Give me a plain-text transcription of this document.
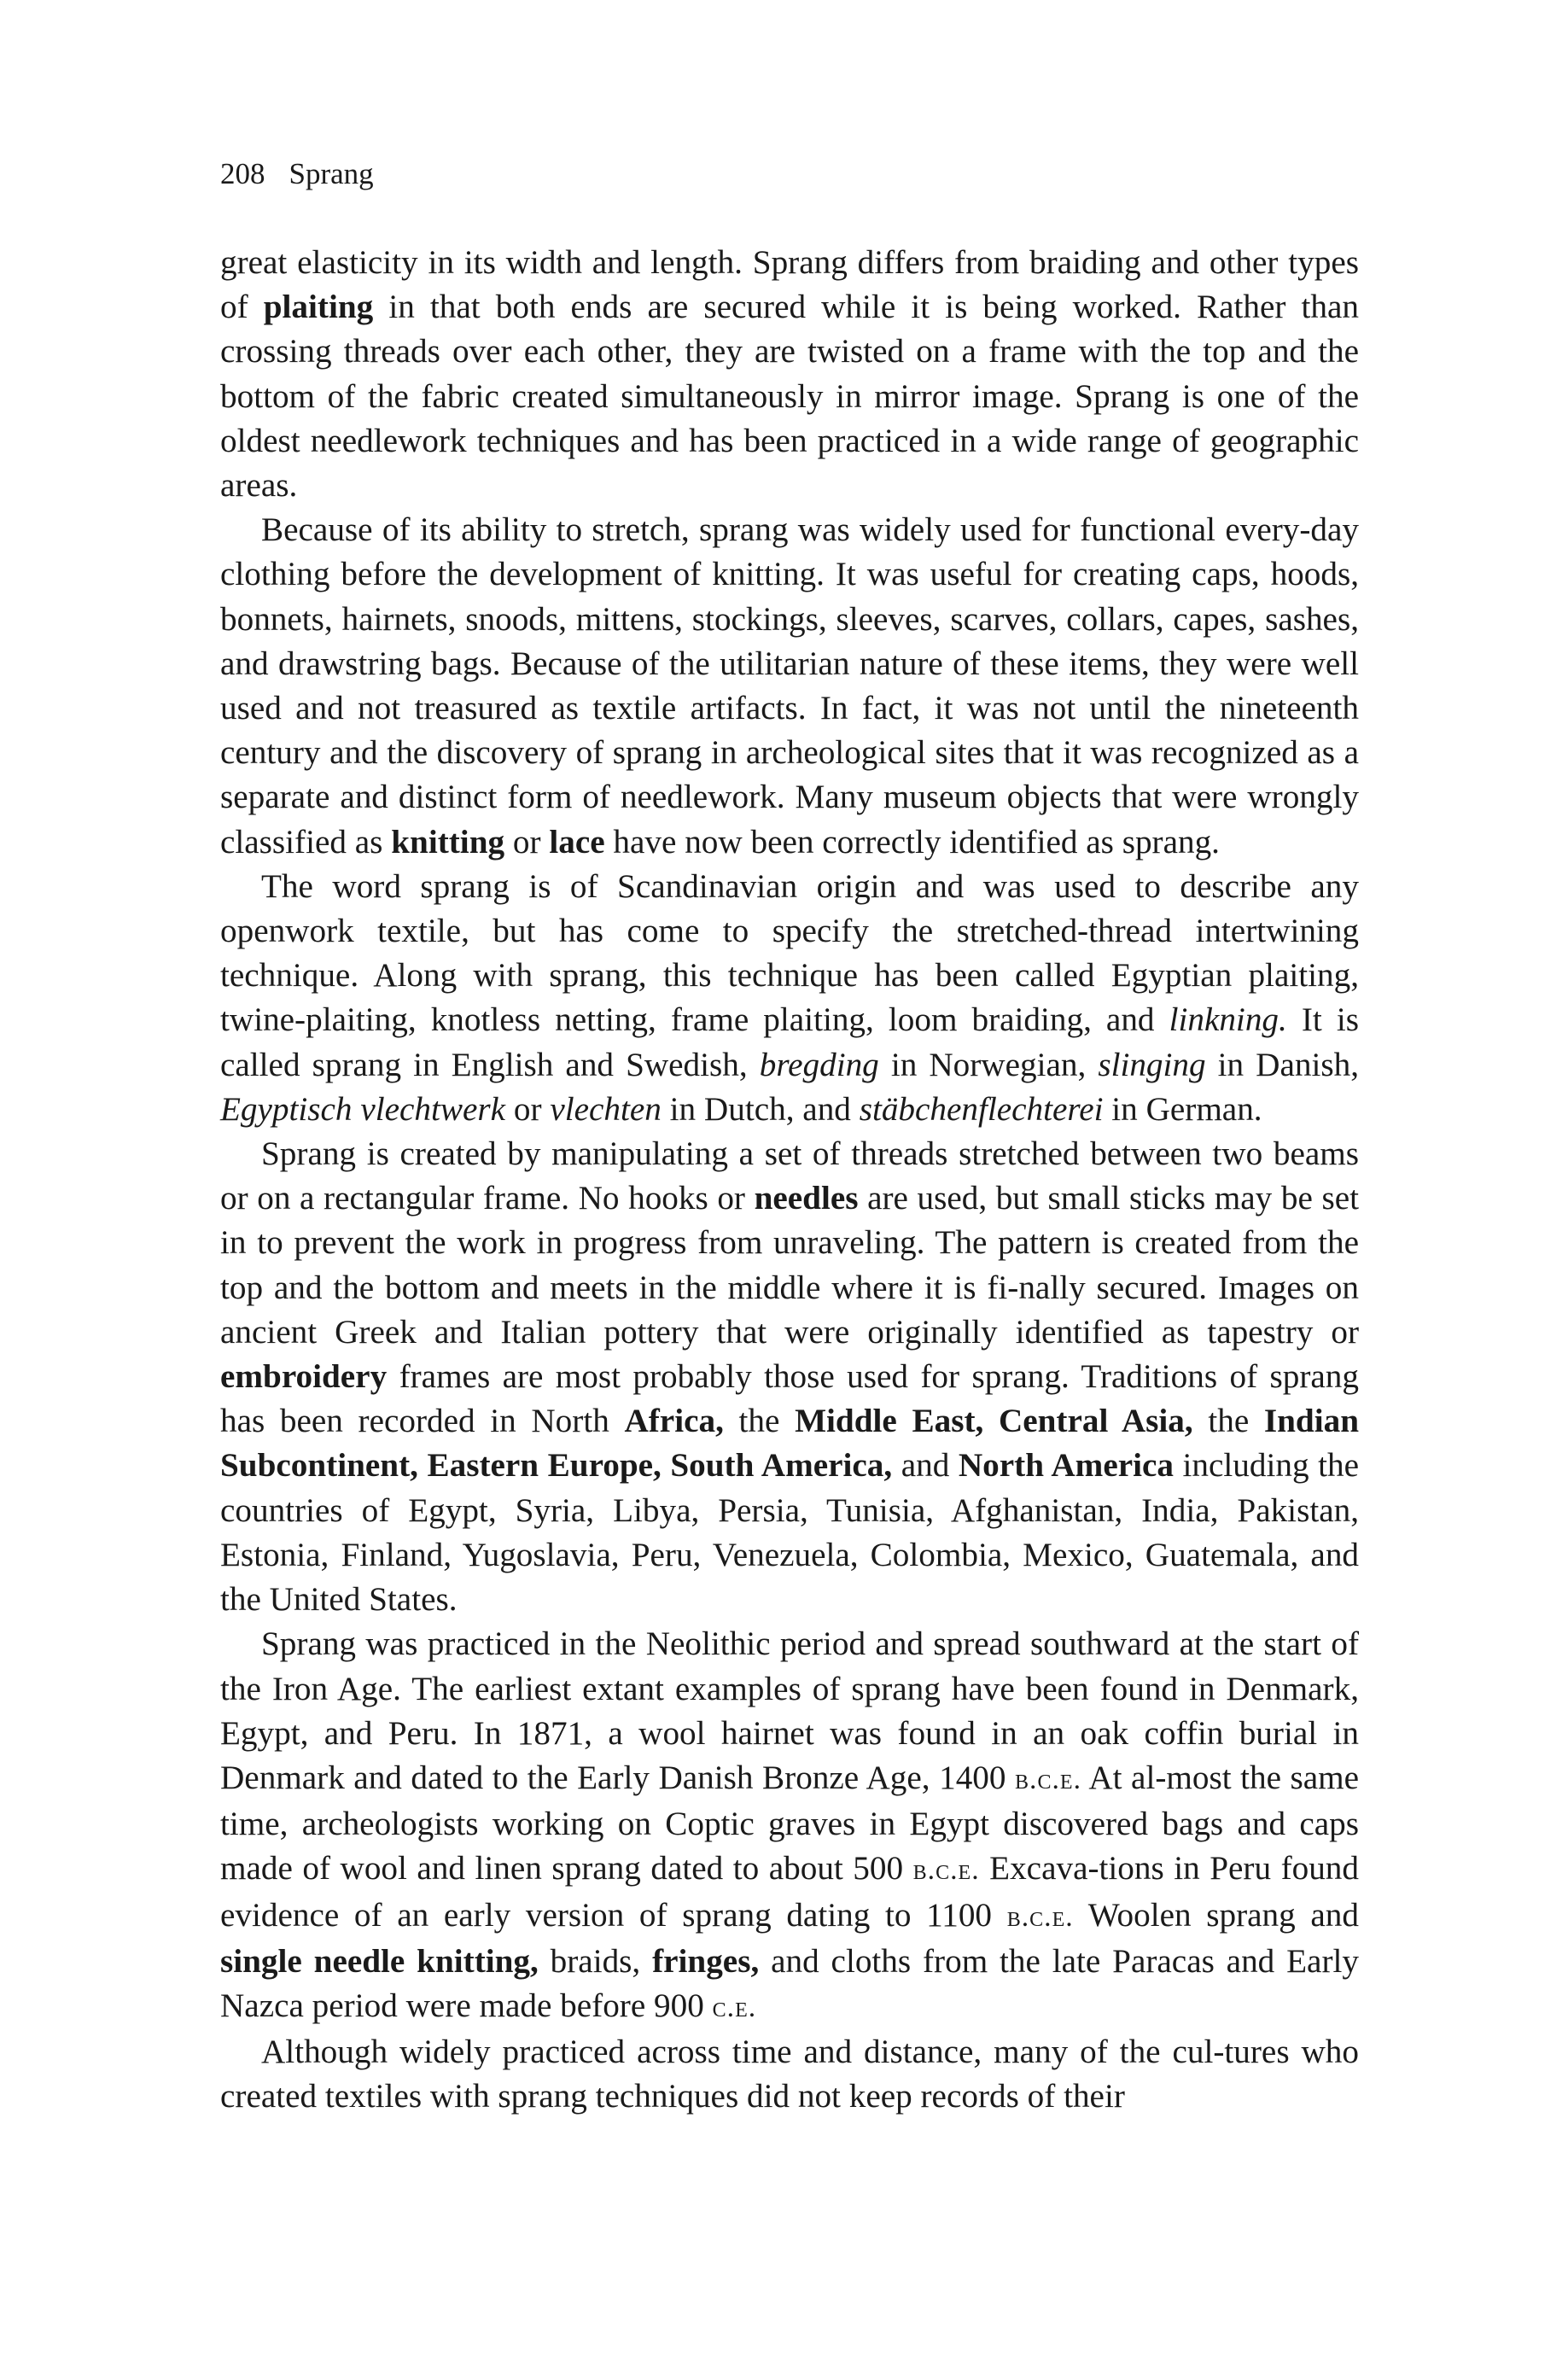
208 Sprang

great elasticity in its width and length. Sprang differs from braiding and other types of plaiting in that both ends are secured while it is being worked. Rather than crossing threads over each other, they are twisted on a frame with the top and the bottom of the fabric created simultaneously in mirror image. Sprang is one of the oldest needlework techniques and has been practiced in a wide range of geographic areas.

Because of its ability to stretch, sprang was widely used for functional every-day clothing before the development of knitting. It was useful for creating caps, hoods, bonnets, hairnets, snoods, mittens, stockings, sleeves, scarves, collars, capes, sashes, and drawstring bags. Because of the utilitarian nature of these items, they were well used and not treasured as textile artifacts. In fact, it was not until the nineteenth century and the discovery of sprang in archeological sites that it was recognized as a separate and distinct form of needlework. Many museum objects that were wrongly classified as knitting or lace have now been correctly identified as sprang.

The word sprang is of Scandinavian origin and was used to describe any openwork textile, but has come to specify the stretched-thread intertwining technique. Along with sprang, this technique has been called Egyptian plaiting, twine-plaiting, knotless netting, frame plaiting, loom braiding, and linkning. It is called sprang in English and Swedish, bregding in Norwegian, slinging in Danish, Egyptisch vlechtwerk or vlechten in Dutch, and stäbchenflechterei in German.

Sprang is created by manipulating a set of threads stretched between two beams or on a rectangular frame. No hooks or needles are used, but small sticks may be set in to prevent the work in progress from unraveling. The pattern is created from the top and the bottom and meets in the middle where it is fi-nally secured. Images on ancient Greek and Italian pottery that were originally identified as tapestry or embroidery frames are most probably those used for sprang. Traditions of sprang has been recorded in North Africa, the Middle East, Central Asia, the Indian Subcontinent, Eastern Europe, South America, and North America including the countries of Egypt, Syria, Libya, Persia, Tunisia, Afghanistan, India, Pakistan, Estonia, Finland, Yugoslavia, Peru, Venezuela, Colombia, Mexico, Guatemala, and the United States.

Sprang was practiced in the Neolithic period and spread southward at the start of the Iron Age. The earliest extant examples of sprang have been found in Denmark, Egypt, and Peru. In 1871, a wool hairnet was found in an oak coffin burial in Denmark and dated to the Early Danish Bronze Age, 1400 b.c.e. At al-most the same time, archeologists working on Coptic graves in Egypt discovered bags and caps made of wool and linen sprang dated to about 500 b.c.e. Excava-tions in Peru found evidence of an early version of sprang dating to 1100 b.c.e. Woolen sprang and single needle knitting, braids, fringes, and cloths from the late Paracas and Early Nazca period were made before 900 c.e.

Although widely practiced across time and distance, many of the cul-tures who created textiles with sprang techniques did not keep records of their
